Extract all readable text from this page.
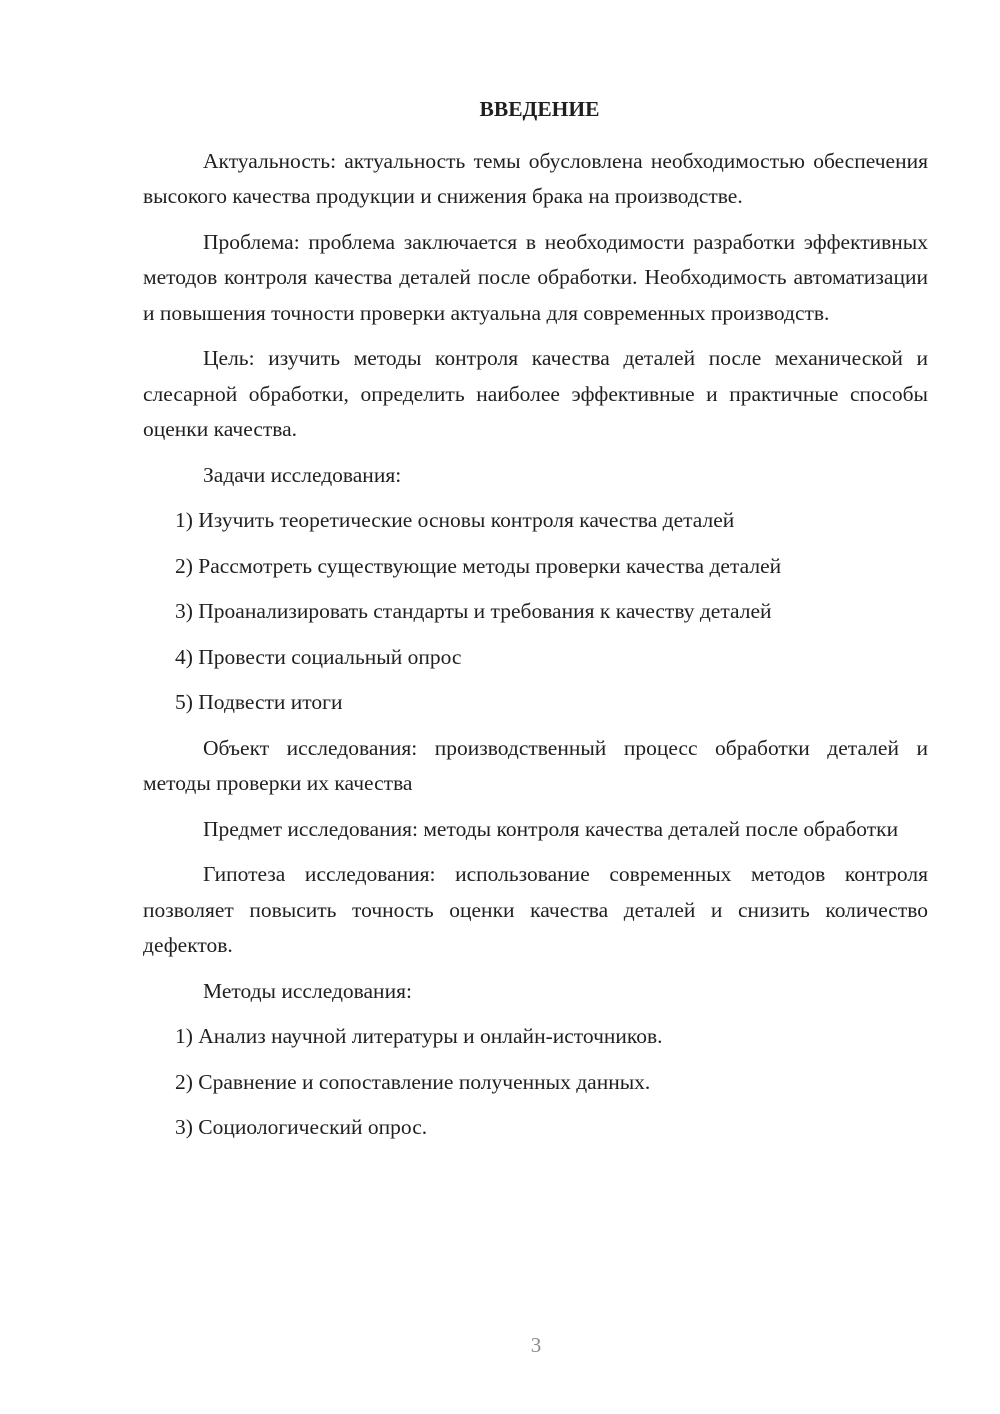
ВВЕДЕНИЕ

Актуальность: актуальность темы обусловлена необходимостью обеспечения высокого качества продукции и снижения брака на производстве.

Проблема: проблема заключается в необходимости разработки эффективных методов контроля качества деталей после обработки. Необходимость автоматизации и повышения точности проверки актуальна для современных производств.

Цель: изучить методы контроля качества деталей после механической и слесарной обработки, определить наиболее эффективные и практичные способы оценки качества.

Задачи исследования:

1) Изучить теоретические основы контроля качества деталей

2) Рассмотреть существующие методы проверки качества деталей

3) Проанализировать стандарты и требования к качеству деталей

4) Провести социальный опрос

5) Подвести итоги

Объект исследования: производственный процесс обработки деталей и методы проверки их качества

Предмет исследования: методы контроля качества деталей после обработки

Гипотеза исследования: использование современных методов контроля позволяет повысить точность оценки качества деталей и снизить количество дефектов.

Методы исследования:

1) Анализ научной литературы и онлайн-источников.

2) Сравнение и сопоставление полученных данных.

3) Социологический опрос.

3
